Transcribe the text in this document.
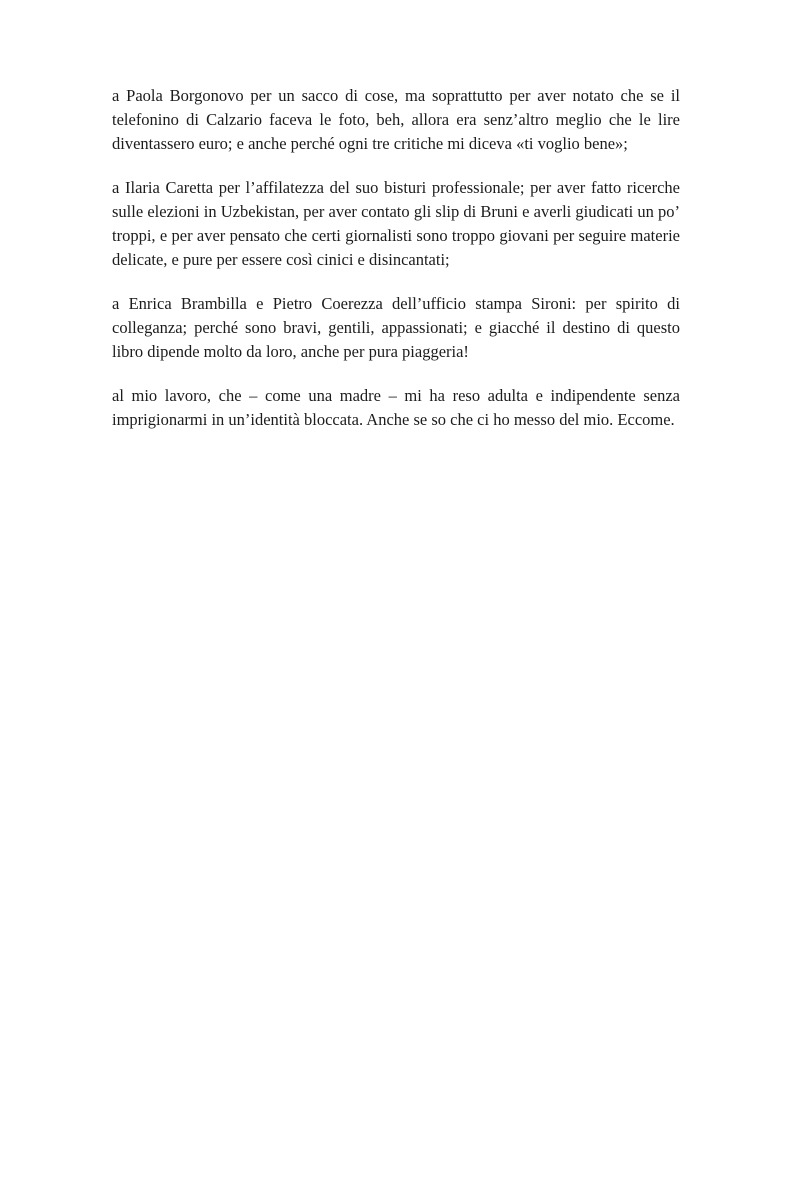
a Paola Borgonovo per un sacco di cose, ma soprattutto per aver notato che se il telefonino di Calzario faceva le foto, beh, allora era senz’altro meglio che le lire diventassero euro; e anche perché ogni tre critiche mi diceva «ti voglio bene»;

a Ilaria Caretta per l’affilatezza del suo bisturi professionale; per aver fatto ricerche sulle elezioni in Uzbekistan, per aver contato gli slip di Bruni e averli giudicati un po’ troppi, e per aver pensato che certi giornalisti sono troppo giovani per seguire materie delicate, e pure per essere così cinici e disincantati;

a Enrica Brambilla e Pietro Coerezza dell’ufficio stampa Sironi: per spirito di colleganza; perché sono bravi, gentili, appassionati; e giacché il destino di questo libro dipende molto da loro, anche per pura piaggeria!

al mio lavoro, che – come una madre – mi ha reso adulta e indipendente senza imprigionarmi in un’identità bloccata. Anche se so che ci ho messo del mio. Eccome.
